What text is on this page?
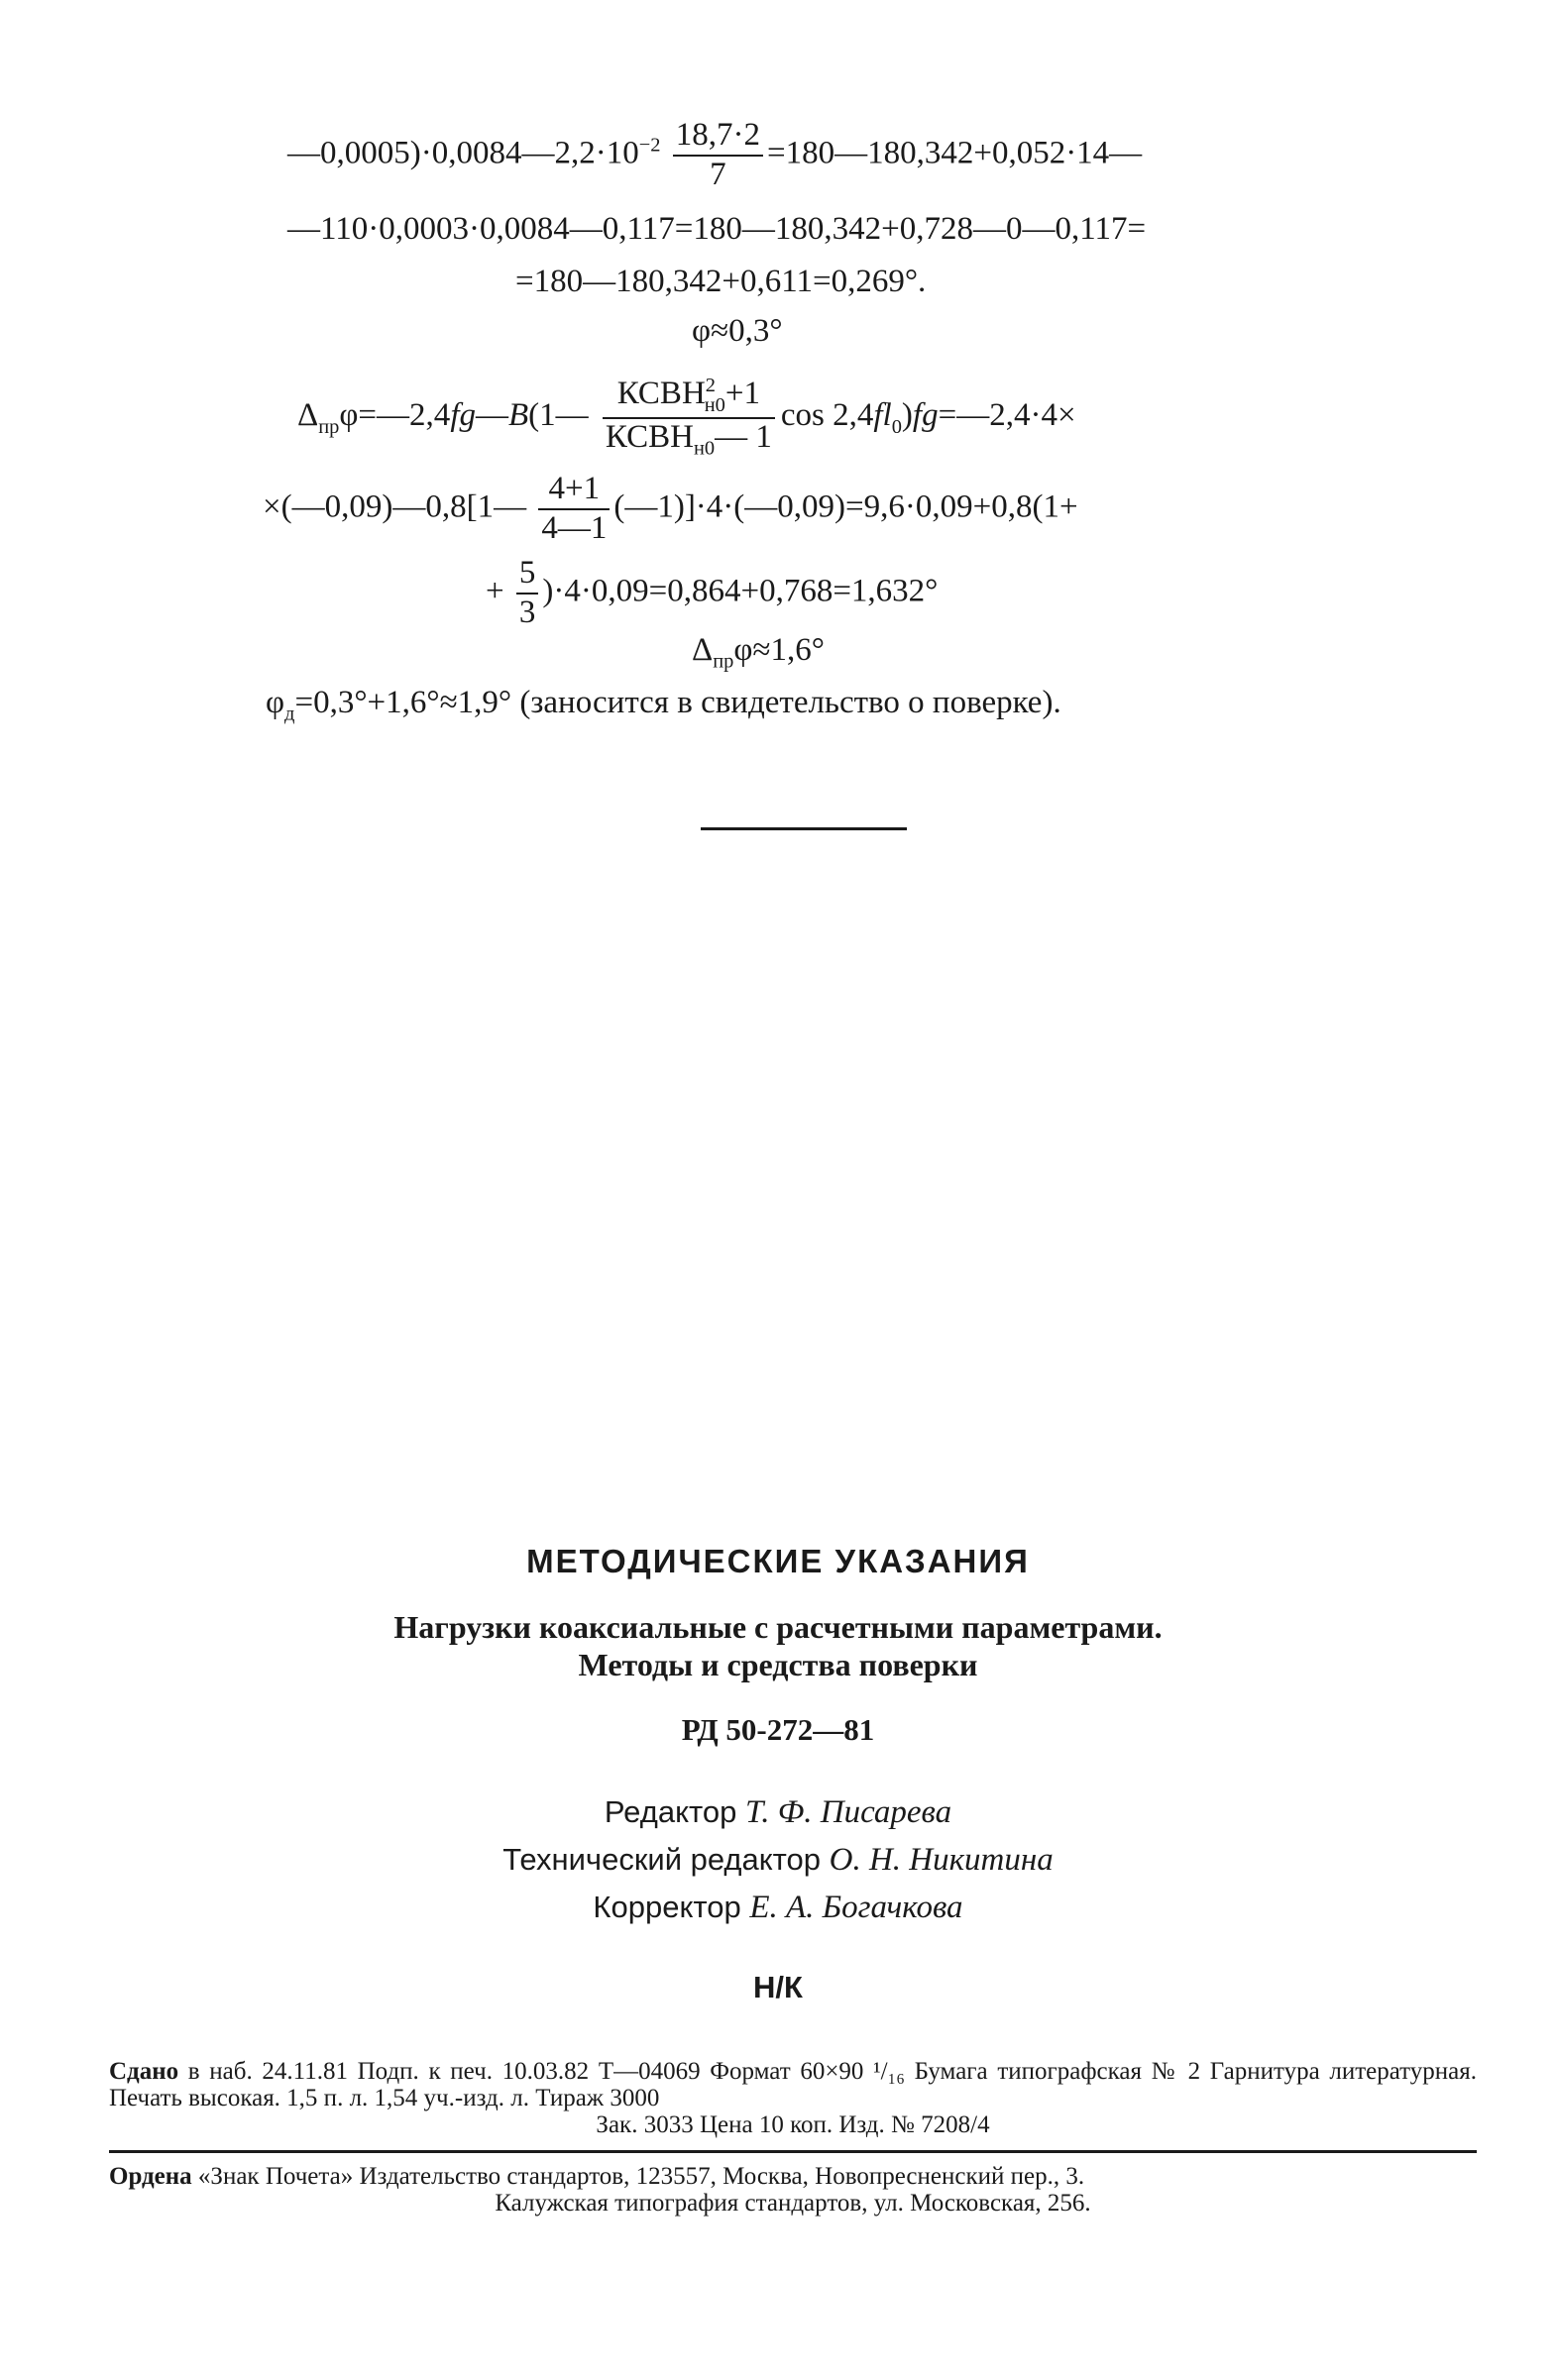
$—0,0005)\cdot 0,0084—2,2\cdot 10^{-2} \frac{18,7\cdot 2}{7}$ =180—180,342+0,052·14—
—110·0,0003·0,0084—0,117=180—180,342+0,728—0—0,117=
=180—180,342+0,611=0,269°.
φ≈0,3°
$\Delta_{пр}\varphi=—2,4fg—B(1— \frac{КСВН^2_{н0}+1}{КСВН_{н0}— 1}$ $\cos 2,4fl_0)fg=—2,4\cdot 4\times$
×(—0,09)—0,8[1— $\frac{4+1}{4—1}$ (—1)]·4·(—0,09)=9,6·0,09+0,8(1+
+ $\frac{5}{3} )\cdot 4\cdot 0,09=0,864+0,768=1,632^\circ$
$\Delta_{пр}\varphi\approx 1,6^\circ$
$\varphi_д=0,3^\circ+1,6^\circ\approx 1,9^\circ$ (заносится в свидетельство о поверке).
МЕТОДИЧЕСКИЕ УКАЗАНИЯ
Нагрузки коаксиальные с расчетными параметрами.
Методы и средства поверки
РД 50-272—81
Редактор Т. Ф. Писарева
Технический редактор О. Н. Никитина
Корректор Е. А. Богачкова
Н/К
Сдано в наб. 24.11.81 Подп. к печ. 10.03.82 Т—04069 Формат 60×90 ¹/₁₆ Бумага типографская № 2 Гарнитура литературная. Печать высокая. 1,5 п. л. 1,54 уч.-изд. л. Тираж 3000
Зак. 3033 Цена 10 коп. Изд. № 7208/4
Ордена «Знак Почета» Издательство стандартов, 123557, Москва, Новопресненский пер., 3.
Калужская типография стандартов, ул. Московская, 256.
